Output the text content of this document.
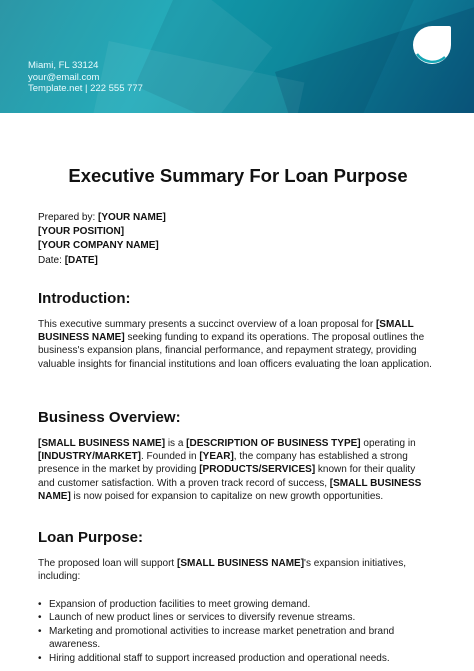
Miami, FL 33124
your@email.com
Template.net | 222 555 777
Executive Summary For Loan Purpose
Prepared by: [YOUR NAME]
[YOUR POSITION]
[YOUR COMPANY NAME]
Date: [DATE]
Introduction:

This executive summary presents a succinct overview of a loan proposal for [SMALL BUSINESS NAME] seeking funding to expand its operations. The proposal outlines the business's expansion plans, financial performance, and repayment strategy, providing valuable insights for financial institutions and loan officers evaluating the loan application.

Business Overview:

[SMALL BUSINESS NAME] is a [DESCRIPTION OF BUSINESS TYPE] operating in [INDUSTRY/MARKET]. Founded in [YEAR], the company has established a strong presence in the market by providing [PRODUCTS/SERVICES] known for their quality and customer satisfaction. With a proven track record of success, [SMALL BUSINESS NAME] is now poised for expansion to capitalize on new growth opportunities.

Loan Purpose:

The proposed loan will support [SMALL BUSINESS NAME]'s expansion initiatives, including:

• Expansion of production facilities to meet growing demand.
• Launch of new product lines or services to diversify revenue streams.
• Marketing and promotional activities to increase market penetration and brand awareness.
• Hiring additional staff to support increased production and operational needs.
